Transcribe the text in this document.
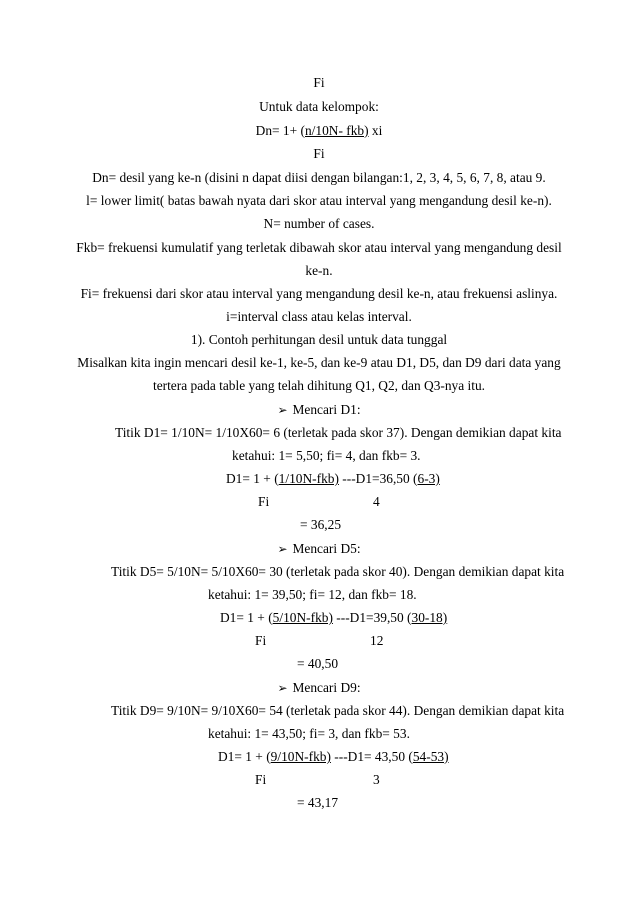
Fi
Untuk data kelompok:
Dn= 1+ (n/10N- fkb) xi
Fi
Dn= desil yang ke-n (disini n dapat diisi dengan bilangan:1, 2, 3, 4, 5, 6, 7, 8, atau 9.
l= lower limit( batas bawah nyata dari skor atau interval yang mengandung desil ke-n).
N= number of cases.
Fkb= frekuensi kumulatif yang terletak dibawah skor atau interval yang mengandung desil
ke-n.
Fi= frekuensi dari skor atau interval yang mengandung desil ke-n, atau frekuensi aslinya.
i=interval class atau kelas interval.
1). Contoh perhitungan desil untuk data tunggal
Misalkan kita ingin mencari desil ke-1, ke-5, dan ke-9 atau D1, D5, dan D9 dari data yang
tertera pada table yang telah dihitung Q1, Q2, dan Q3-nya itu.
➢ Mencari D1:
Titik D1= 1/10N= 1/10X60= 6 (terletak pada skor 37). Dengan demikian dapat kita
ketahui: 1= 5,50; fi= 4, dan fkb= 3.
D1= 1 + (1/10N-fkb) ---D1=36,50 (6-3)
Fi	4
= 36,25
➢ Mencari D5:
Titik D5= 5/10N= 5/10X60= 30 (terletak pada skor 40). Dengan demikian dapat kita
ketahui: 1= 39,50; fi= 12, dan fkb= 18.
D1= 1 + (5/10N-fkb) ---D1=39,50 (30-18)
Fi	12
= 40,50
➢ Mencari D9:
Titik D9= 9/10N= 9/10X60= 54 (terletak pada skor 44). Dengan demikian dapat kita
ketahui: 1= 43,50; fi= 3, dan fkb= 53.
D1= 1 + (9/10N-fkb) ---D1= 43,50 (54-53)
Fi	3
= 43,17
